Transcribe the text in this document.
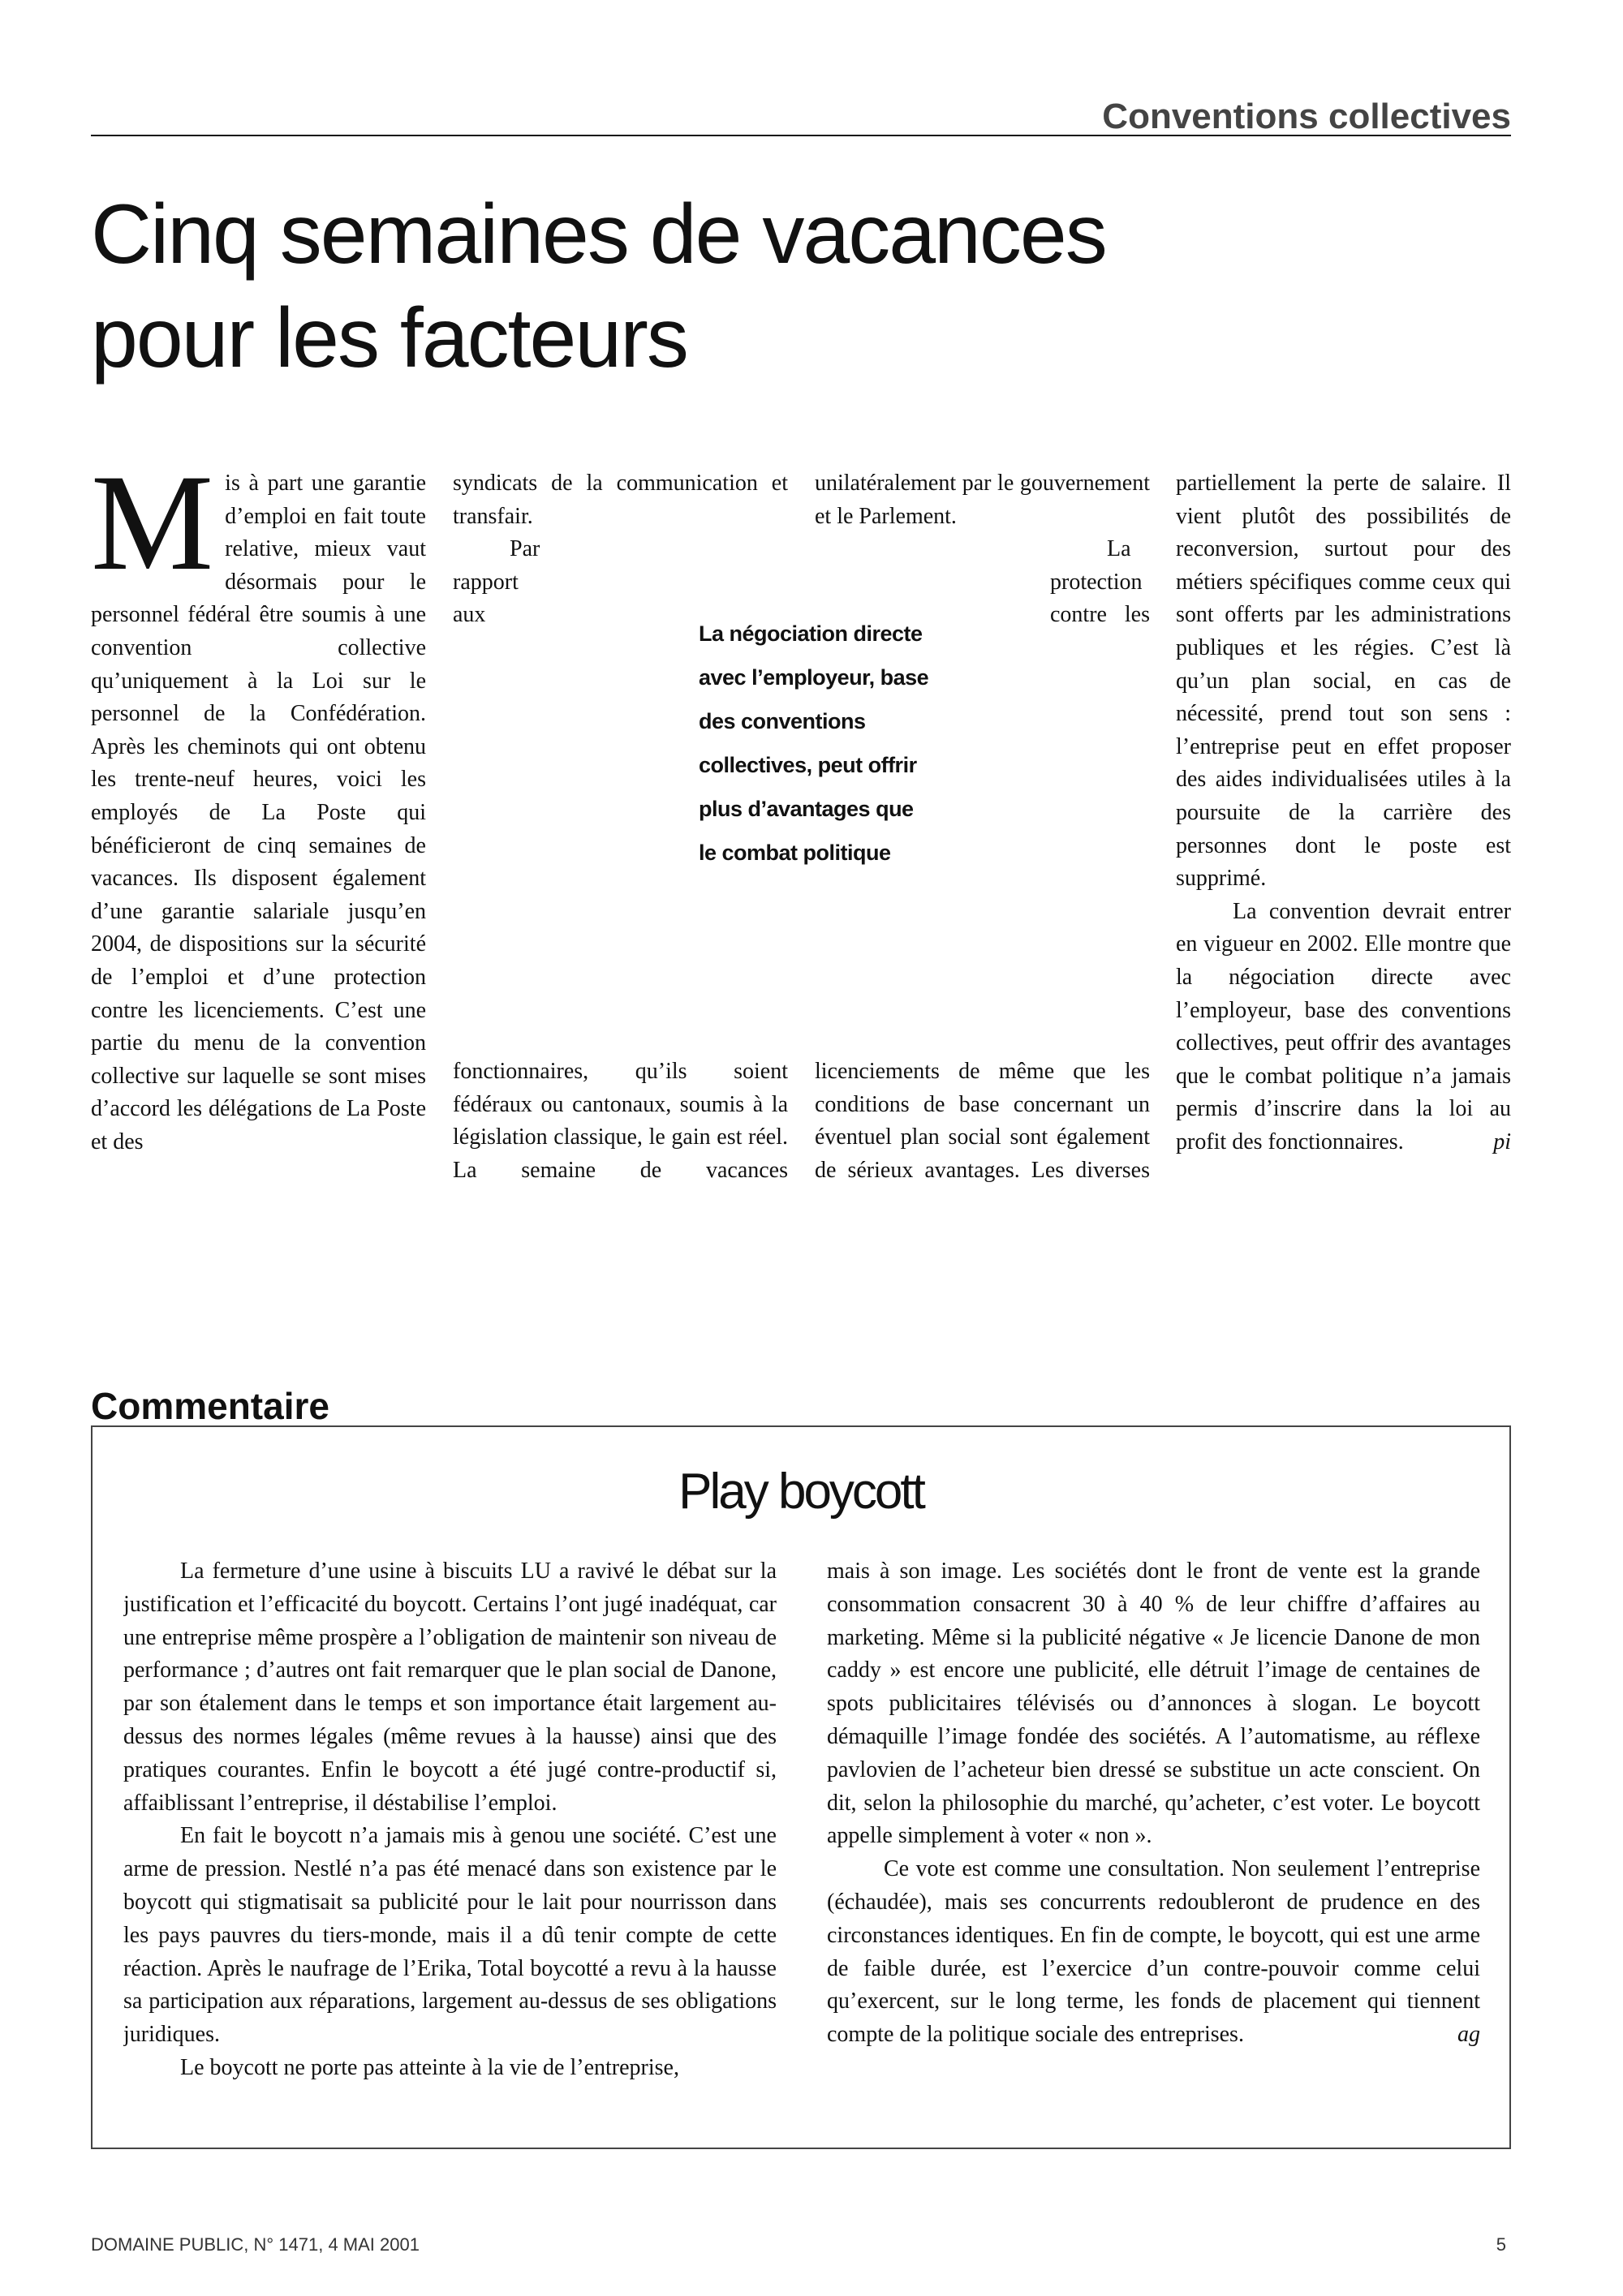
Conventions collectives
Cinq semaines de vacances
pour les facteurs

Mis à part une garantie d’emploi en fait toute relative, mieux vaut désormais pour le personnel fédéral être soumis à une convention collective qu’uniquement à la Loi sur le personnel de la Confédération. Après les cheminots qui ont obtenu les trente-neuf heures, voici les employés de La Poste qui bénéficieront de cinq semaines de vacances. Ils disposent également d’une garantie salariale jusqu’en 2004, de dispositions sur la sécurité de l’emploi et d’une protection contre les licenciements. C’est une partie du menu de la convention collective sur laquelle se sont mises d’accord les délégations de La Poste et des

syndicats de la communication et transfair.

Par rapport aux fonctionnaires, qu’ils soient fédéraux ou cantonaux, soumis à la législation classique, le gain est réel. La semaine de vacances

unilatéralement par le gouvernement et le Parlement.

La protection contre les licenciements de même que les conditions de base concernant un éventuel plan social sont également de sérieux avantages. Les diverses

partiellement la perte de salaire. Il vient plutôt des possibilités de reconversion, surtout pour des métiers spécifiques comme ceux qui sont offerts par les administrations publiques et les régies. C’est là qu’un plan social, en cas de nécessité, prend tout son sens : l’entreprise peut en effet proposer des aides individualisées utiles à la poursuite de la carrière des personnes dont le poste est supprimé.

La convention devrait entrer en vigueur en 2002. Elle montre que la négociation directe avec l’employeur, base des conventions collectives, peut offrir des avantages que le combat politique n’a jamais permis d’inscrire dans la loi au profit des fonctionnaires.	pi

La négociation directe avec l’employeur, base des conventions collectives, peut offrir plus d’avantages que le combat politique

Commentaire
Play boycott

La fermeture d’une usine à biscuits LU a ravivé le débat sur la justification et l’efficacité du boycott. Certains l’ont jugé inadéquat, car une entreprise même prospère a l’obligation de maintenir son niveau de performance ; d’autres ont fait remarquer que le plan social de Danone, par son étalement dans le temps et son importance était largement au-dessus des normes légales (même revues à la hausse) ainsi que des pratiques courantes. Enfin le boycott a été jugé contre-productif si, affaiblissant l’entreprise, il déstabilise l’emploi.

En fait le boycott n’a jamais mis à genou une société. C’est une arme de pression. Nestlé n’a pas été menacé dans son existence par le boycott qui stigmatisait sa publicité pour le lait pour nourrisson dans les pays pauvres du tiers-monde, mais il a dû tenir compte de cette réaction. Après le naufrage de l’Erika, Total boycotté a revu à la hausse sa participation aux réparations, largement au-dessus de ses obligations juridiques.

Le boycott ne porte pas atteinte à la vie de l’entreprise,

mais à son image. Les sociétés dont le front de vente est la grande consommation consacrent 30 à 40 % de leur chiffre d’affaires au marketing. Même si la publicité négative « Je licencie Danone de mon caddy » est encore une publicité, elle détruit l’image de centaines de spots publicitaires télévisés ou d’annonces à slogan. Le boycott démaquille l’image fondée des sociétés. A l’automatisme, au réflexe pavlovien de l’acheteur bien dressé se substitue un acte conscient. On dit, selon la philosophie du marché, qu’acheter, c’est voter. Le boycott appelle simplement à voter « non ».

Ce vote est comme une consultation. Non seulement l’entreprise (échaudée), mais ses concurrents redoubleront de prudence en des circonstances identiques. En fin de compte, le boycott, qui est une arme de faible durée, est l’exercice d’un contre-pouvoir comme celui qu’exercent, sur le long terme, les fonds de placement qui tiennent compte de la politique sociale des entreprises.	ag

DOMAINE PUBLIC, N° 1471, 4 MAI 2001	5
